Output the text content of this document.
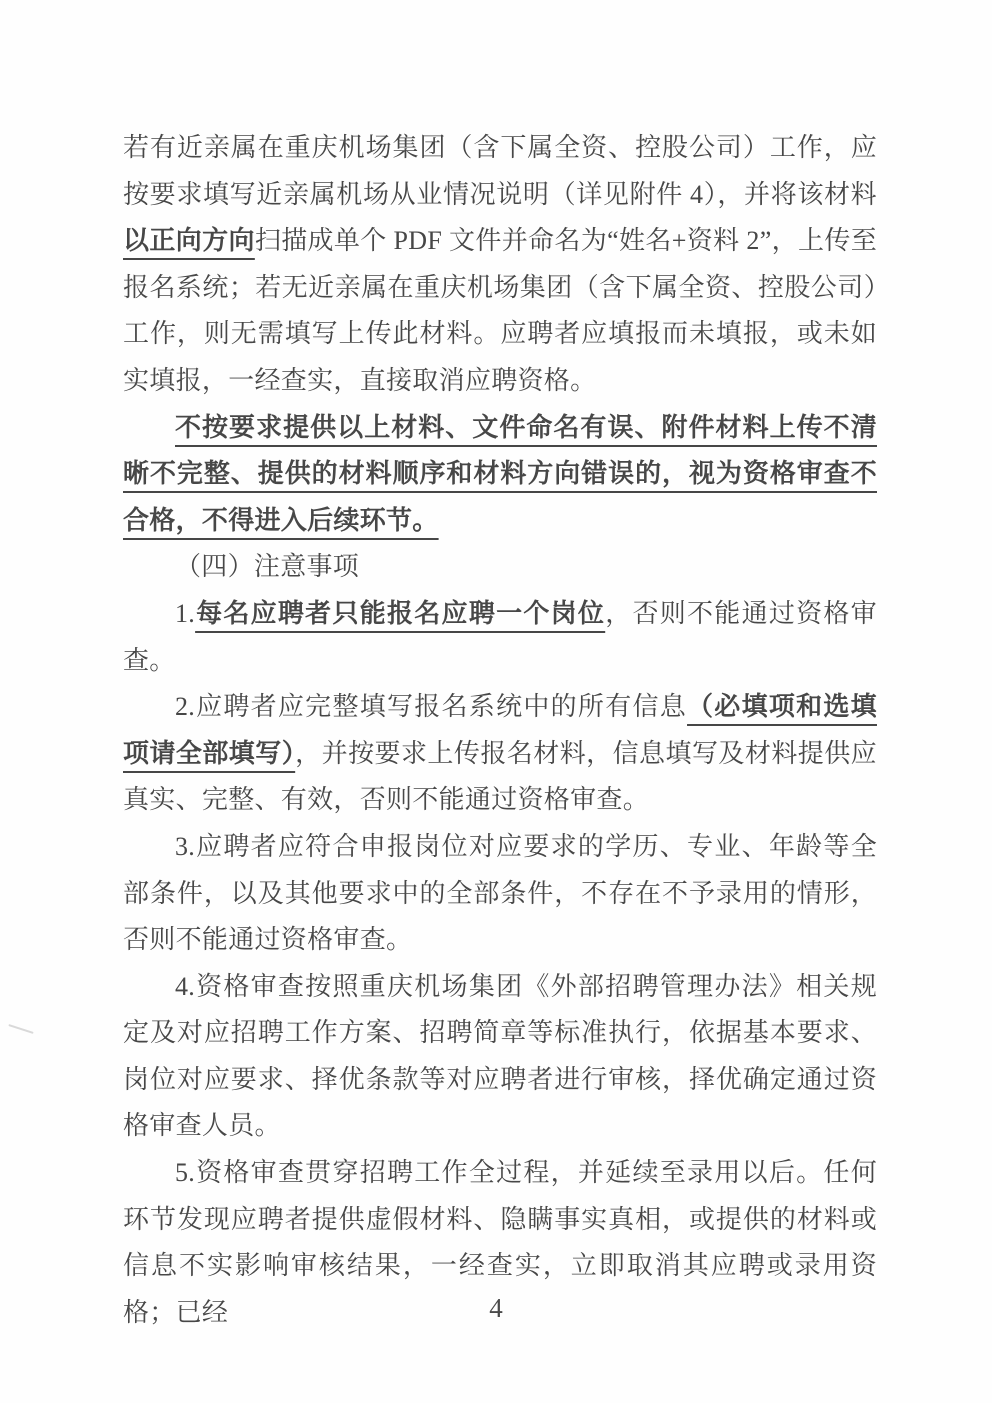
若有近亲属在重庆机场集团（含下属全资、控股公司）工作，应按要求填写近亲属机场从业情况说明（详见附件 4），并将该材料以正向方向扫描成单个 PDF 文件并命名为“姓名+资料 2”，上传至报名系统；若无近亲属在重庆机场集团（含下属全资、控股公司）工作，则无需填写上传此材料。应聘者应填报而未填报，或未如实填报，一经查实，直接取消应聘资格。

不按要求提供以上材料、文件命名有误、附件材料上传不清晰不完整、提供的材料顺序和材料方向错误的，视为资格审查不合格，不得进入后续环节。

（四）注意事项

1.每名应聘者只能报名应聘一个岗位，否则不能通过资格审查。

2.应聘者应完整填写报名系统中的所有信息（必填项和选填项请全部填写），并按要求上传报名材料，信息填写及材料提供应真实、完整、有效，否则不能通过资格审查。

3.应聘者应符合申报岗位对应要求的学历、专业、年龄等全部条件，以及其他要求中的全部条件，不存在不予录用的情形，否则不能通过资格审查。

4.资格审查按照重庆机场集团《外部招聘管理办法》相关规定及对应招聘工作方案、招聘简章等标准执行，依据基本要求、岗位对应要求、择优条款等对应聘者进行审核，择优确定通过资格审查人员。

5.资格审查贯穿招聘工作全过程，并延续至录用以后。任何环节发现应聘者提供虚假材料、隐瞒事实真相，或提供的材料或信息不实影响审核结果，一经查实，立即取消其应聘或录用资格；已经	4
